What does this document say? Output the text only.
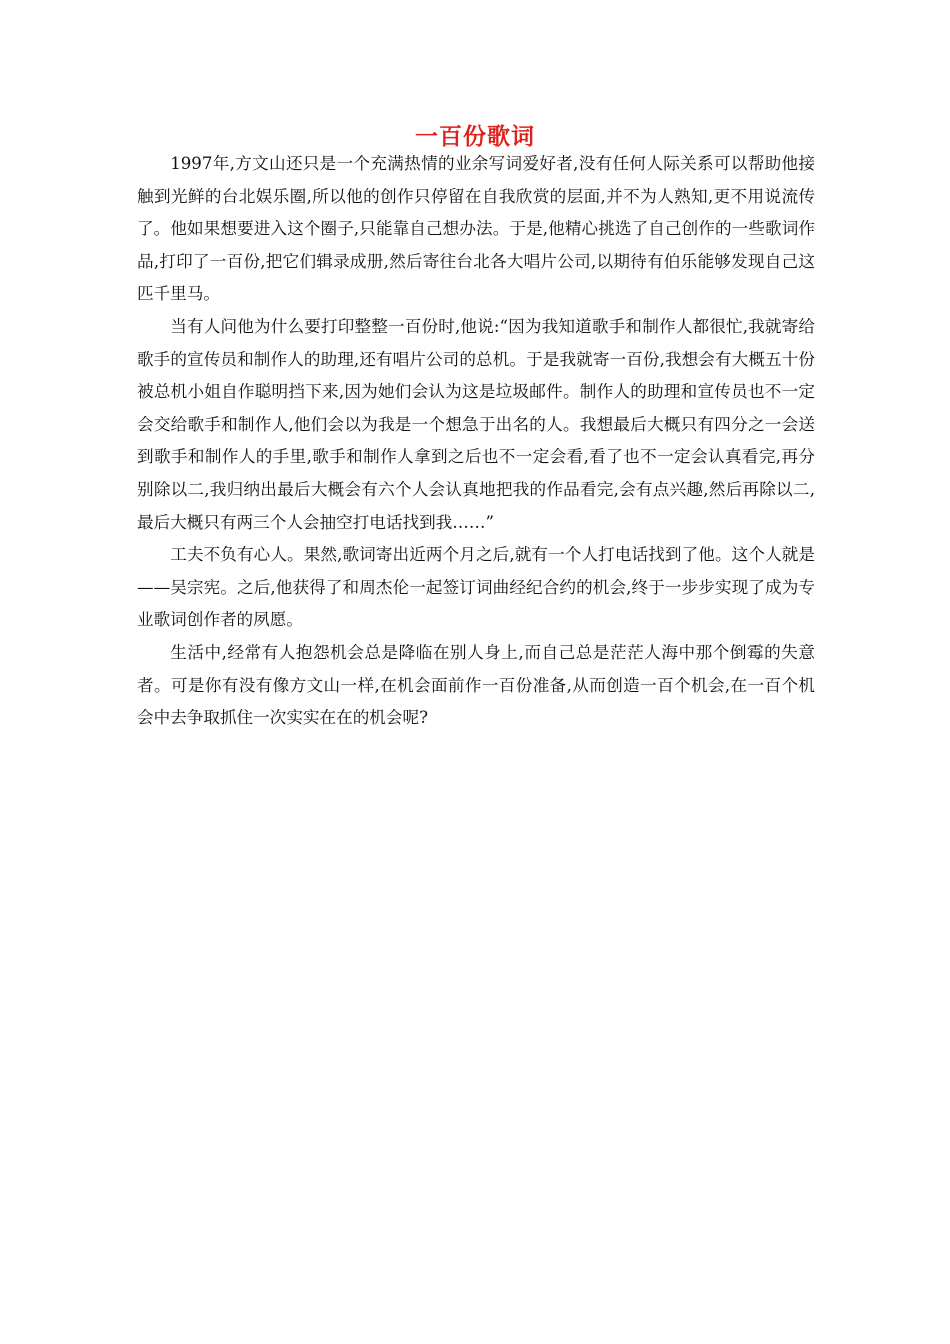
一百份歌词

1997年,方文山还只是一个充满热情的业余写词爱好者,没有任何人际关系可以帮助他接触到光鲜的台北娱乐圈,所以他的创作只停留在自我欣赏的层面,并不为人熟知,更不用说流传了。他如果想要进入这个圈子,只能靠自己想办法。于是,他精心挑选了自己创作的一些歌词作品,打印了一百份,把它们辑录成册,然后寄往台北各大唱片公司,以期待有伯乐能够发现自己这匹千里马。

当有人问他为什么要打印整整一百份时,他说:“因为我知道歌手和制作人都很忙,我就寄给歌手的宣传员和制作人的助理,还有唱片公司的总机。于是我就寄一百份,我想会有大概五十份被总机小姐自作聪明挡下来,因为她们会认为这是垃圾邮件。制作人的助理和宣传员也不一定会交给歌手和制作人,他们会以为我是一个想急于出名的人。我想最后大概只有四分之一会送到歌手和制作人的手里,歌手和制作人拿到之后也不一定会看,看了也不一定会认真看完,再分别除以二,我归纳出最后大概会有六个人会认真地把我的作品看完,会有点兴趣,然后再除以二,最后大概只有两三个人会抽空打电话找到我……”

工夫不负有心人。果然,歌词寄出近两个月之后,就有一个人打电话找到了他。这个人就是——吴宗宪。之后,他获得了和周杰伦一起签订词曲经纪合约的机会,终于一步步实现了成为专业歌词创作者的夙愿。

生活中,经常有人抱怨机会总是降临在别人身上,而自己总是茫茫人海中那个倒霉的失意者。可是你有没有像方文山一样,在机会面前作一百份准备,从而创造一百个机会,在一百个机会中去争取抓住一次实实在在的机会呢?
